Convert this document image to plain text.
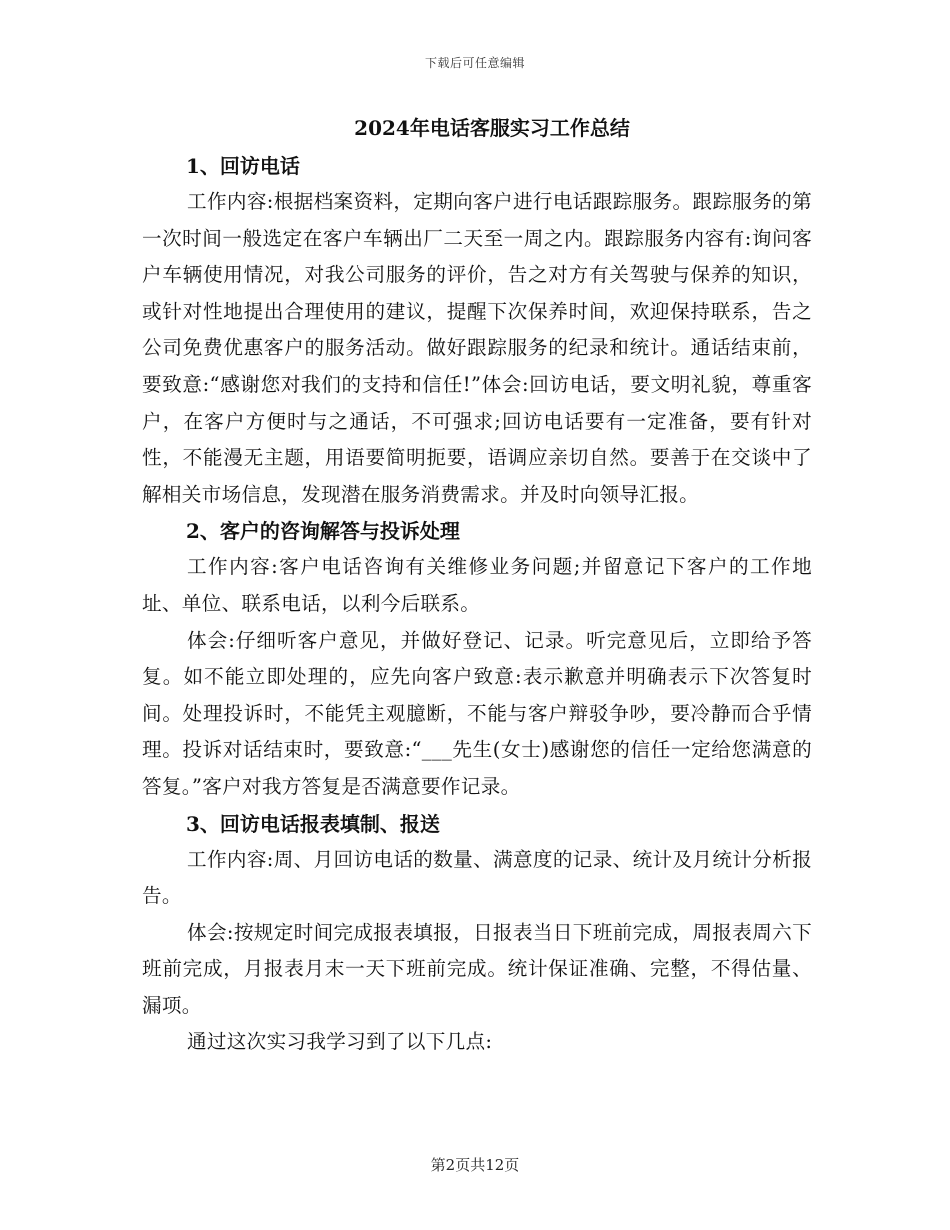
下载后可任意编辑
2024年电话客服实习工作总结

1、回访电话

工作内容:根据档案资料，定期向客户进行电话跟踪服务。跟踪服务的第一次时间一般选定在客户车辆出厂二天至一周之内。跟踪服务内容有:询问客户车辆使用情况，对我公司服务的评价，告之对方有关驾驶与保养的知识，或针对性地提出合理使用的建议，提醒下次保养时间，欢迎保持联系，告之公司免费优惠客户的服务活动。做好跟踪服务的纪录和统计。通话结束前，要致意:“感谢您对我们的支持和信任!”体会:回访电话，要文明礼貌，尊重客户，在客户方便时与之通话，不可强求;回访电话要有一定准备，要有针对性，不能漫无主题，用语要简明扼要，语调应亲切自然。要善于在交谈中了解相关市场信息，发现潜在服务消费需求。并及时向领导汇报。

2、客户的咨询解答与投诉处理

工作内容:客户电话咨询有关维修业务问题;并留意记下客户的工作地址、单位、联系电话，以利今后联系。

体会:仔细听客户意见，并做好登记、记录。听完意见后，立即给予答复。如不能立即处理的，应先向客户致意:表示歉意并明确表示下次答复时间。处理投诉时，不能凭主观臆断，不能与客户辩驳争吵，要冷静而合乎情理。投诉对话结束时，要致意:“___先生(女士)感谢您的信任一定给您满意的答复。”客户对我方答复是否满意要作记录。

3、回访电话报表填制、报送

工作内容:周、月回访电话的数量、满意度的记录、统计及月统计分析报告。

体会:按规定时间完成报表填报，日报表当日下班前完成，周报表周六下班前完成，月报表月末一天下班前完成。统计保证准确、完整，不得估量、漏项。

通过这次实习我学习到了以下几点:

第2页共12页
